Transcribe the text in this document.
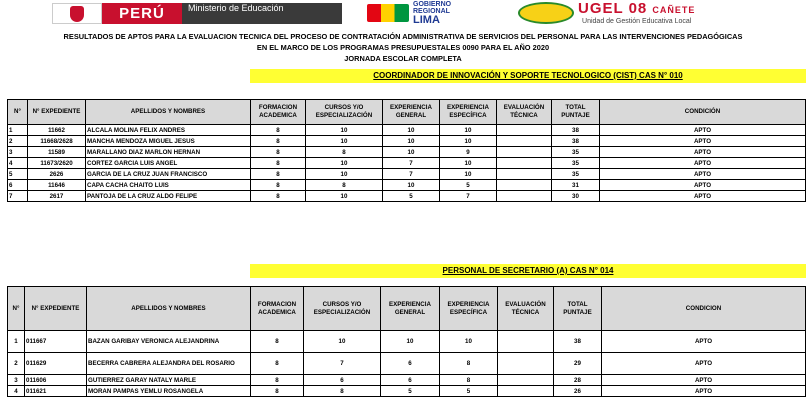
PERÚ	Ministerio de Educación	GOBIERNO
REGIONAL
LIMA
UGEL 08 CAÑETE
Unidad de Gestión Educativa Local
RESULTADOS DE APTOS PARA LA EVALUACION TECNICA DEL PROCESO DE CONTRATACIÓN ADMINISTRATIVA DE SERVICIOS DEL PERSONAL PARA LAS INTERVENCIONES PEDAGÓGICAS
EN EL MARCO DE LOS PROGRAMAS PRESUPUESTALES 0090 PARA EL AÑO 2020
JORNADA ESCOLAR COMPLETA
COORDINADOR DE INNOVACIÓN Y SOPORTE TECNOLOGICO (CIST) CAS N° 010
N°	N° EXPEDIENTE	APELLIDOS Y NOMBRES	FORMACION ACADEMICA	CURSOS Y/O ESPECIALIZACIÓN	EXPERIENCIA GENERAL	EXPERIENCIA ESPECÍFICA	EVALUACIÓN TÉCNICA	TOTAL PUNTAJE	CONDICIÓN
1	11662	ALCALA MOLINA FELIX ANDRES	8	10	10	10		38	APTO
2	11668/2628	MANCHA MENDOZA MIGUEL JESUS	8	10	10	10		38	APTO
3	11589	MARALLANO DIAZ MARLON HERNAN	8	8	10	9		35	APTO
4	11673/2620	CORTEZ GARCIA LUIS ANGEL	8	10	7	10		35	APTO
5	2626	GARCIA DE LA CRUZ JUAN FRANCISCO	8	10	7	10		35	APTO
6	11646	CAPA CACHA CHAITO LUIS	8	8	10	5		31	APTO
7	2617	PANTOJA DE LA CRUZ ALDO FELIPE	8	10	5	7		30	APTO
PERSONAL DE SECRETARIO (A) CAS N° 014
N°	N° EXPEDIENTE	APELLIDOS Y NOMBRES	FORMACION ACADEMICA	CURSOS Y/O ESPECIALIZACIÓN	EXPERIENCIA GENERAL	EXPERIENCIA ESPECÍFICA	EVALUACIÓN TÉCNICA	TOTAL PUNTAJE	CONDICION
1	011667	BAZAN GARIBAY VERONICA ALEJANDRINA	8	10	10	10		38	APTO
2	011629	BECERRA CABRERA ALEJANDRA DEL ROSARIO	8	7	6	8		29	APTO
3	011606	GUTIERREZ GARAY NATALY MARLE	8	6	6	8		28	APTO
4	011621	MORAN PAMPAS YEMLU ROSANGELA	8	8	5	5		26	APTO
